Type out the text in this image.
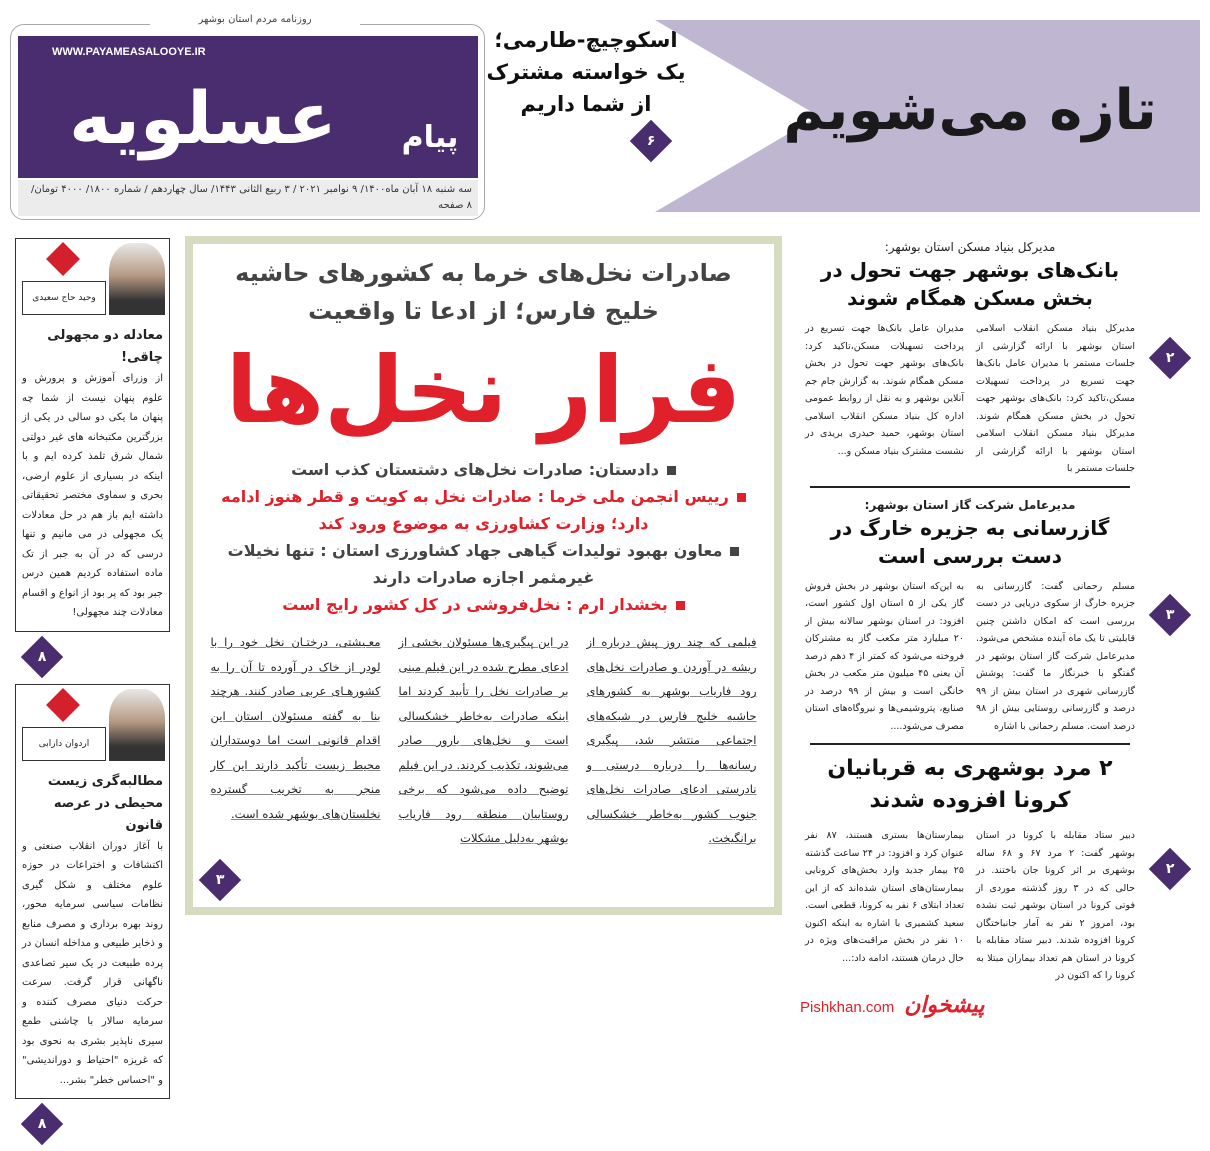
روزنامه مردم استان بوشهر
WWW.PAYAMEASALOOYE.IR
عسلویه	پیام
سه شنبه ۱۸ آبان ماه۱۴۰۰/ ۹ نوامبر ۲۰۲۱ / ۳ ربیع الثانی ۱۴۴۳/ سال چهاردهم / شماره ۱۸۰۰/ ۴۰۰۰ تومان/ ۸ صفحه
اسکوچیچ-طارمی؛ یک خواسته مشترک از شما داریم
۶	تازه می‌شویم
صادرات نخل‌های خرما به کشورهای حاشیه خلیج فارس؛ از ادعا تا واقعیت
فرار نخل‌ها
دادستان: صادرات نخل‌های دشتستان کذب است
رییس انجمن ملی خرما : صادرات نخل به کویت و قطر هنوز ادامه دارد؛ وزارت کشاورزی به موضوع ورود کند
معاون بهبود تولیدات گیاهی جهاد کشاورزی استان : تنها نخیلات غیرمثمر اجازه صادرات دارند
بخشدار ارم : نخل‌فروشی در کل کشور رایج است

فیلمی که چند روز پیش درباره از ریشه در آوردن و صادرات نخل‌های رود فاریاب بوشهر به کشورهای حاشیه خلیج فارس در شبکه‌های اجتماعی منتشر شد، پیگیری رسانه‌ها را درباره درستی و نادرستی ادعای صادرات نخل‌های جنوب کشور به‌خاطر خشکسالی برانگیخت.

در این پیگیری‌ها مسئولان بخشی از ادعای مطرح شده در این فیلم مبنی بر صادرات نخل را تأیید کردند اما اینکه صادرات به‌خاطر خشکسالی است و نخل‌های بارور صادر می‌شوند، تکذیب کردند. در این فیلم توضیح داده می‌شود که برخی روستاییان منطقه رود فاریاب بوشهر به‌دلیل مشکلات

معـیشتی، درختـان نخل خود را با لودر از خاک در آورده تا آن را به کشورهـای عربی صادر کنند. هرچند بنا به گفته مسئولان استان این اقدام قانونی است اما دوستداران محیط زیست تأکید دارند این کار منجر به تخریب گسترده نخلستان‌های بوشهر شده است.

۳
وحید حاج سعیدی
معادله دو مجهولی چاقی!
از وزرای آموزش و پرورش و علوم پنهان نیست از شما چه پنهان ما یکی دو سالی در یکی از بزرگترین مکتبخانه های غیر دولتی شمال شرق تلمذ کرده ایم و با اینکه در بسیاری از علوم ارضی، بحری و سماوی مختصر تحقیقاتی داشته ایم باز هم در حل معادلات یک مجهولی در می مانیم و تنها درسی که در آن به جبر از تک ماده استفاده کردیم همین درس جبر بود که پر بود از انواع و اقسام معادلات چند مجهولی!
۸
اردوان دارابی
مطالبه‌گری زیست محیطی در عرصه قانون
با آغاز دوران انقلاب صنعتی و اکتشافات و اختراعات در حوزه علوم مختلف و شکل گیری نظامات سیاسی سرمایه محور، روند بهره برداری و مصرف منابع و ذخایر طبیعی و مداخله انسان در پرده طبیعت در یک سیر تصاعدی ناگهانی قرار گرفت. سرعت حرکت دنیای مصرف کننده و سرمایه سالار با چاشنی طمع سیری ناپذیر بشری به نحوی بود که غریزه "احتیاط و دوراندیشی" و "احساس خطر" بشر...
۸
۲
مدیرکل بنیاد مسکن استان بوشهر:
بانک‌های بوشهر جهت تحول در بخش مسکن همگام شوند

مدیرکل بنیاد مسکن انقلاب اسلامی استان بوشهر با ارائه گزارشی از جلسات مستمر با مدیران عامل بانک‌ها جهت تسریع در پرداخت تسهیلات مسکن،تاکید کرد: بانک‌های بوشهر جهت تحول در بخش مسکن همگام شوند. مدیرکل بنیاد مسکن انقلاب اسلامی استان بوشهر با ارائه گزارشی از جلسات مستمر با

مدیران عامل بانک‌ها جهت تسریع در پرداخت تسهیلات مسکن،تاکید کرد: بانک‌های بوشهر جهت تحول در بخش مسکن همگام شوند. به گزارش جام جم آنلاین بوشهر و به نقل از روابط عمومی اداره کل بنیاد مسکن انقلاب اسلامی استان بوشهر، حمید حیدری بریدی در نشست مشترک بنیاد مسکن و...

۳
مدیرعامل شرکت گاز استان بوشهر:
گازرسانی به جزیره خارگ در دست بررسی است

مسلم رحمانی گفت: گازرسانی به جزیره خارگ از سکوی دریایی در دست بررسی است که امکان داشتن چنین قابلیتی تا یک ماه آینده مشخص می‌شود. مدیرعامل شرکت گاز استان بوشهر در گفتگو با خبرنگار ما گفت: پوشش گازرسانی شهری در استان بیش از ۹۹ درصد و گازرسانی روستایی بیش از ۹۸ درصد است. مسلم رحمانی با اشاره

به این‌که استان بوشهر در بخش فروش گاز یکی از ۵ استان اول کشور است، افزود: در استان بوشهر سالانه بیش از ۲۰ میلیارد متر مکعب گاز به مشترکان فروخته می‌شود که کمتر از ۴ دهم درصد آن یعنی ۴۵ میلیون متر مکعب در بخش خانگی است و بیش از ۹۹ درصد در صنایع، پتروشیمی‌ها و نیروگاه‌های استان مصرف می‌شود....

۲
۲ مرد بوشهری به قربانیان کرونا افزوده شدند

دبیر ستاد مقابله با کرونا در استان بوشهر گفت: ۲ مرد ۶۷ و ۶۸ ساله بوشهری بر اثر کرونا جان باختند. در حالی که در ۳ روز گذشته موردی از فوتی کرونا در استان بوشهر ثبت نشده بود، امروز ۲ نفر به آمار جانباختگان کرونا افزوده شدند. دبیر ستاد مقابله با کرونا در استان هم تعداد بیماران مبتلا به کرونا را که اکنون در

بیمارستان‌ها بستری هستند، ۸۷ نفر عنوان کرد و افزود: در ۲۴ ساعت گذشته ۲۵ بیمار جدید وارد بخش‌های کرونایی بیمارستان‌های استان شده‌اند که از این تعداد ابتلای ۶ نفر به کرونا، قطعی است. سعید کشمیری با اشاره به اینکه اکنون ۱۰ نفر در بخش مراقبت‌های ویژه در حال درمان هستند، ادامه داد:...

پیشخوان
Pishkhan.com
